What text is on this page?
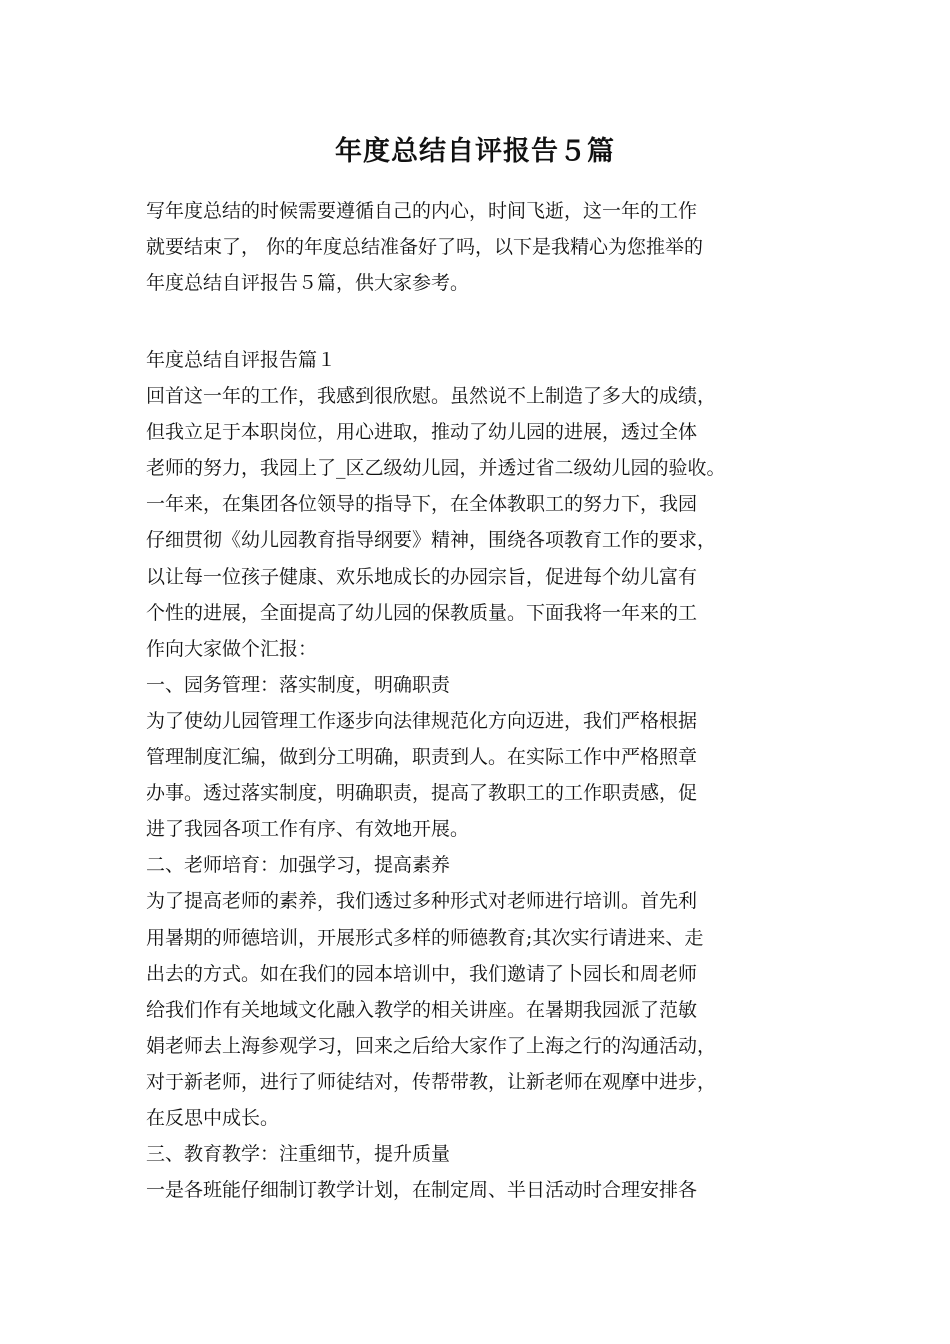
年度总结自评报告５篇
写年度总结的时候需要遵循自己的内心，时间飞逝，这一年的工作
就要结束了， 你的年度总结准备好了吗，以下是我精心为您推举的
年度总结自评报告５篇，供大家参考。
年度总结自评报告篇１
回首这一年的工作，我感到很欣慰。虽然说不上制造了多大的成绩，
但我立足于本职岗位，用心进取，推动了幼儿园的进展，透过全体
老师的努力，我园上了_区乙级幼儿园，并透过省二级幼儿园的验收。
一年来，在集团各位领导的指导下，在全体教职工的努力下，我园
仔细贯彻《幼儿园教育指导纲要》精神，围绕各项教育工作的要求，
以让每一位孩子健康、欢乐地成长的办园宗旨，促进每个幼儿富有
个性的进展，全面提高了幼儿园的保教质量。下面我将一年来的工
作向大家做个汇报：
一、园务管理：落实制度，明确职责
为了使幼儿园管理工作逐步向法律规范化方向迈进，我们严格根据
管理制度汇编，做到分工明确，职责到人。在实际工作中严格照章
办事。透过落实制度，明确职责，提高了教职工的工作职责感，促
进了我园各项工作有序、有效地开展。
二、老师培育：加强学习，提高素养
为了提高老师的素养，我们透过多种形式对老师进行培训。首先利
用暑期的师德培训，开展形式多样的师德教育;其次实行请进来、走
出去的方式。如在我们的园本培训中，我们邀请了卜园长和周老师
给我们作有关地域文化融入教学的相关讲座。在暑期我园派了范敏
娟老师去上海参观学习，回来之后给大家作了上海之行的沟通活动，
对于新老师，进行了师徒结对，传帮带教，让新老师在观摩中进步，
在反思中成长。
三、教育教学：注重细节，提升质量
一是各班能仔细制订教学计划，在制定周、半日活动时合理安排各
